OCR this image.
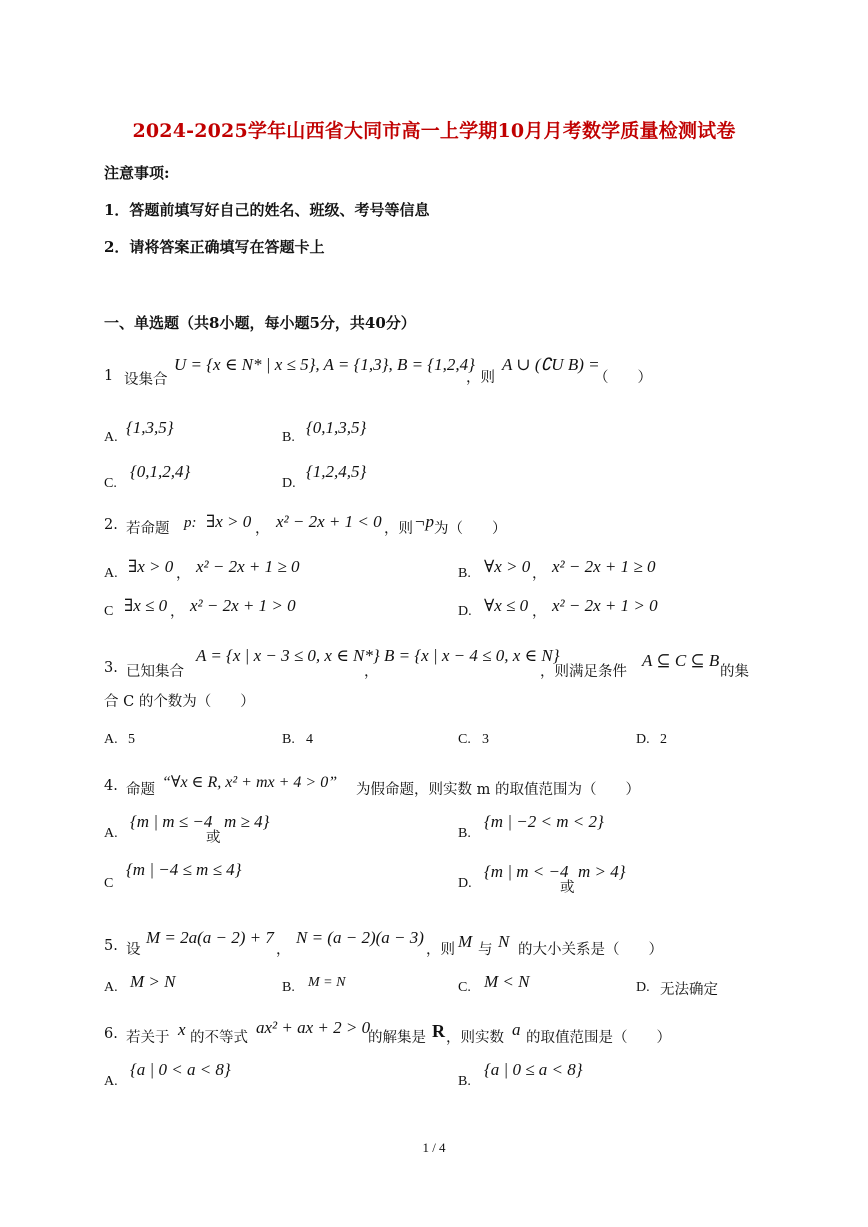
2024-2025学年山西省大同市高一上学期10月月考数学质量检测试卷
注意事项:
1．答题前填写好自己的姓名、班级、考号等信息
2．请将答案正确填写在答题卡上
一、单选题（共8小题，每小题5分，共40分）
1 设集合
U = {x ∈ N* | x ≤ 5}, A = {1,3}, B = {1,2,4}
，则
A ∪ (∁U B) =
（　　）
A.
{1,3,5}
B.
{0,1,3,5}
C.
{0,1,2,4}
D.
{1,2,4,5}
2. 若命题 p: ∃x > 0 ， x² − 2x + 1 < 0 ，则 ¬p 为（　　）
A. ∃x > 0 ， x² − 2x + 1 ≥ 0	B. ∀x > 0 ， x² − 2x + 1 ≥ 0
C ∃x ≤ 0 ， x² − 2x + 1 > 0	D. ∀x ≤ 0 ， x² − 2x + 1 > 0
3. 已知集合
A = {x | x − 3 ≤ 0, x ∈ N*}
，
B = {x | x − 4 ≤ 0, x ∈ N}
，则满足条件
A ⊆ C ⊆ B
的集
合 C 的个数为（　　）
A. 5	B. 4	C. 3	D. 2
4. 命题 “∀x ∈ R, x² + mx + 4 > 0” 为假命题，则实数 m 的取值范围为（　　）
A.
{m | m ≤ −4
或
m ≥ 4}
B.
{m | −2 < m < 2}
C
{m | −4 ≤ m ≤ 4}
D.
{m | m < −4
或
m > 4}
5. 设
M = 2a(a − 2) + 7
，
N = (a − 2)(a − 3)
，则 M 与 N 的大小关系是（　　）
A. M > N	B. M = N	C. M < N	D. 无法确定
6. 若关于 x 的不等式
ax² + ax + 2 > 0
的解集是 R ，则实数 a 的取值范围是（　　）
A.
{a | 0 < a < 8}
B.
{a | 0 ≤ a < 8}
1 / 4
